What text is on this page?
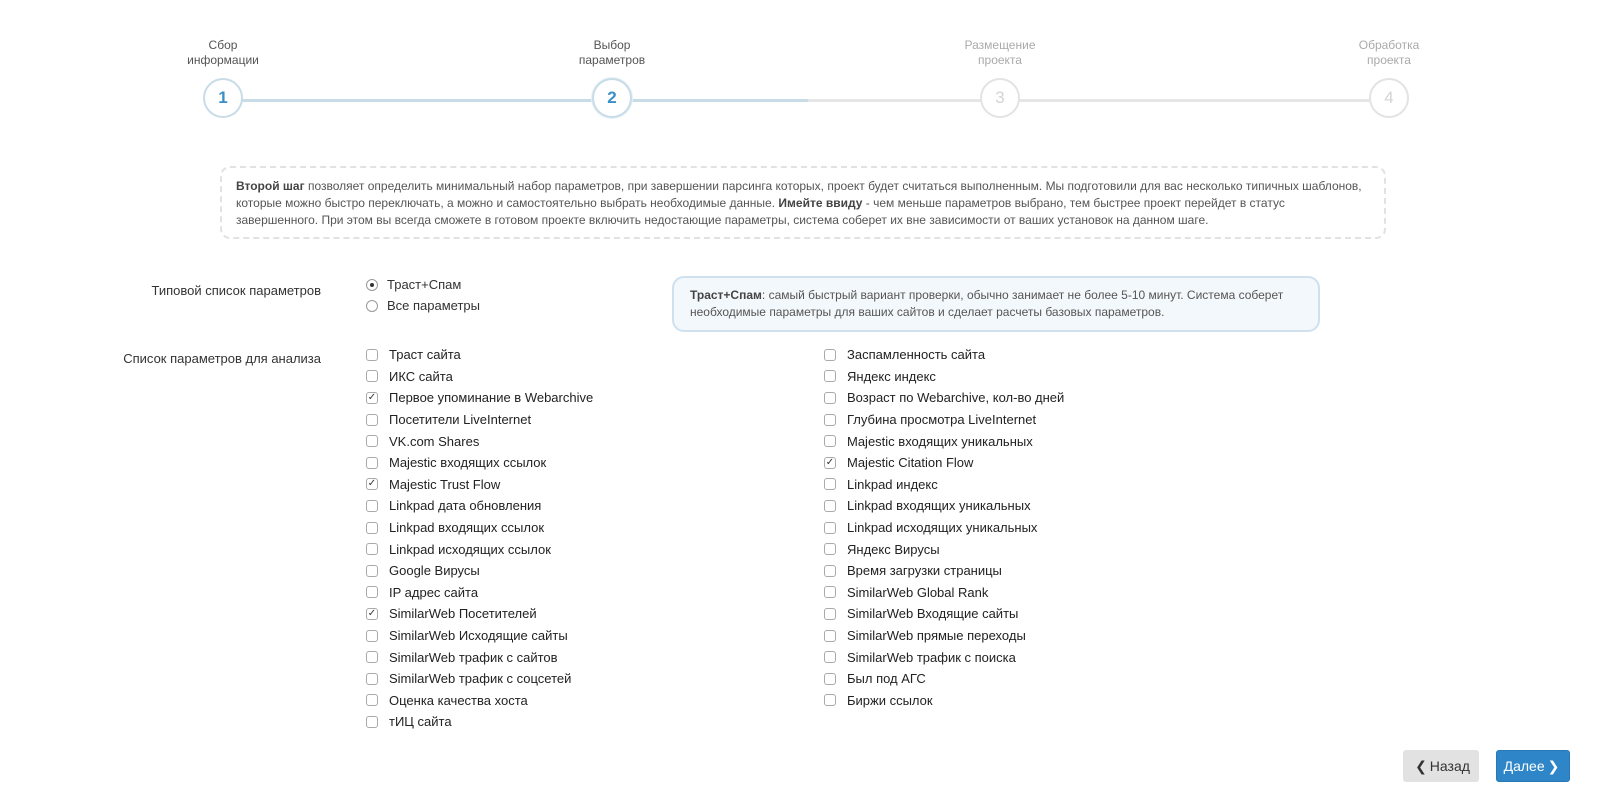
Сбор
информации
1
Выбор
параметров
2
Размещение
проекта
3
Обработка
проекта
4
Второй шаг позволяет определить минимальный набор параметров, при завершении парсинга которых, проект будет считаться выполненным. Мы подготовили для вас несколько типичных шаблонов, которые можно быстро переключать, а можно и самостоятельно выбрать необходимые данные. Имейте ввиду - чем меньше параметров выбрано, тем быстрее проект перейдет в статус завершенного. При этом вы всегда сможете в готовом проекте включить недостающие параметры, система соберет их вне зависимости от ваших установок на данном шаге.
Типовой список параметров	Траст+Спам
Все параметры
Траст+Спам: самый быстрый вариант проверки, обычно занимает не более 5-10 минут. Система соберет необходимые параметры для ваших сайтов и сделает расчеты базовых параметров.
Список параметров для анализа	Траст сайта
ИКС сайта
✓ Первое упоминание в Webarchive
Посетители LiveInternet
VK.com Shares
Majestic входящих ссылок
✓ Majestic Trust Flow
Linkpad дата обновления
Linkpad входящих ссылок
Linkpad исходящих ссылок
Google Вирусы
IP адрес сайта
✓ SimilarWeb Посетителей
SimilarWeb Исходящие сайты
SimilarWeb трафик с сайтов
SimilarWeb трафик с соцсетей
Оценка качества хоста
тИЦ сайта
Заспамленность сайта
Яндекс индекс
Возраст по Webarchive, кол-во дней
Глубина просмотра LiveInternet
Majestic входящих уникальных
✓ Majestic Citation Flow
Linkpad индекс
Linkpad входящих уникальных
Linkpad исходящих уникальных
Яндекс Вирусы
Время загрузки страницы
SimilarWeb Global Rank
SimilarWeb Входящие сайты
SimilarWeb прямые переходы
SimilarWeb трафик с поиска
Был под АГС
Биржи ссылок
❮ Назад Далее ❯
